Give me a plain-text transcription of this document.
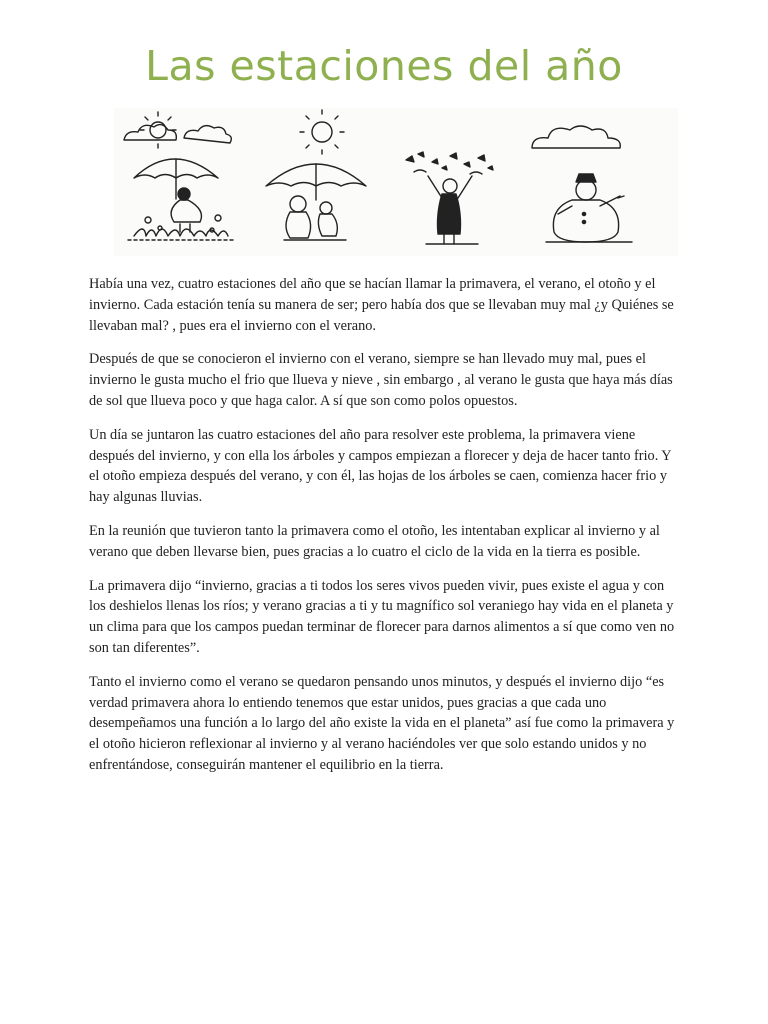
Las estaciones del año

Había una vez, cuatro estaciones del año que se hacían llamar la primavera, el verano, el otoño y el invierno. Cada estación tenía su manera de ser; pero había dos que se llevaban muy mal ¿y Quiénes se llevaban mal? , pues era el invierno con el verano.

Después de que se conocieron el invierno con el verano, siempre se han llevado muy mal, pues el invierno le gusta mucho el frio que llueva y nieve , sin embargo , al verano le gusta que haya más días de sol que llueva poco y que haga calor. A sí que son como polos opuestos.

Un día se juntaron las cuatro estaciones del año para resolver este problema, la primavera viene después del invierno, y con ella los árboles y campos empiezan a florecer y deja de hacer tanto frio. Y el otoño empieza después del verano, y con él, las hojas de los árboles se caen, comienza hacer frio y hay algunas lluvias.

En la reunión que tuvieron tanto la primavera como el otoño, les intentaban explicar al invierno y al verano que deben llevarse bien, pues gracias a lo cuatro el ciclo de la vida en la tierra es posible.

La primavera dijo “invierno, gracias a ti todos los seres vivos pueden vivir, pues existe el agua y con los deshielos llenas los ríos; y verano gracias a ti y tu magnífico sol veraniego hay vida en el planeta y un clima para que los campos puedan terminar de florecer para darnos alimentos a sí que como ven no son tan diferentes”.

Tanto el invierno como el verano se quedaron pensando unos minutos, y después el invierno dijo “es verdad primavera ahora lo entiendo tenemos que estar unidos, pues gracias a que cada uno desempeñamos una función a lo largo del año existe la vida en el planeta” así fue como la primavera y el otoño hicieron reflexionar al invierno y al verano haciéndoles ver que solo estando unidos y no enfrentándose, conseguirán mantener el equilibrio en la tierra.
